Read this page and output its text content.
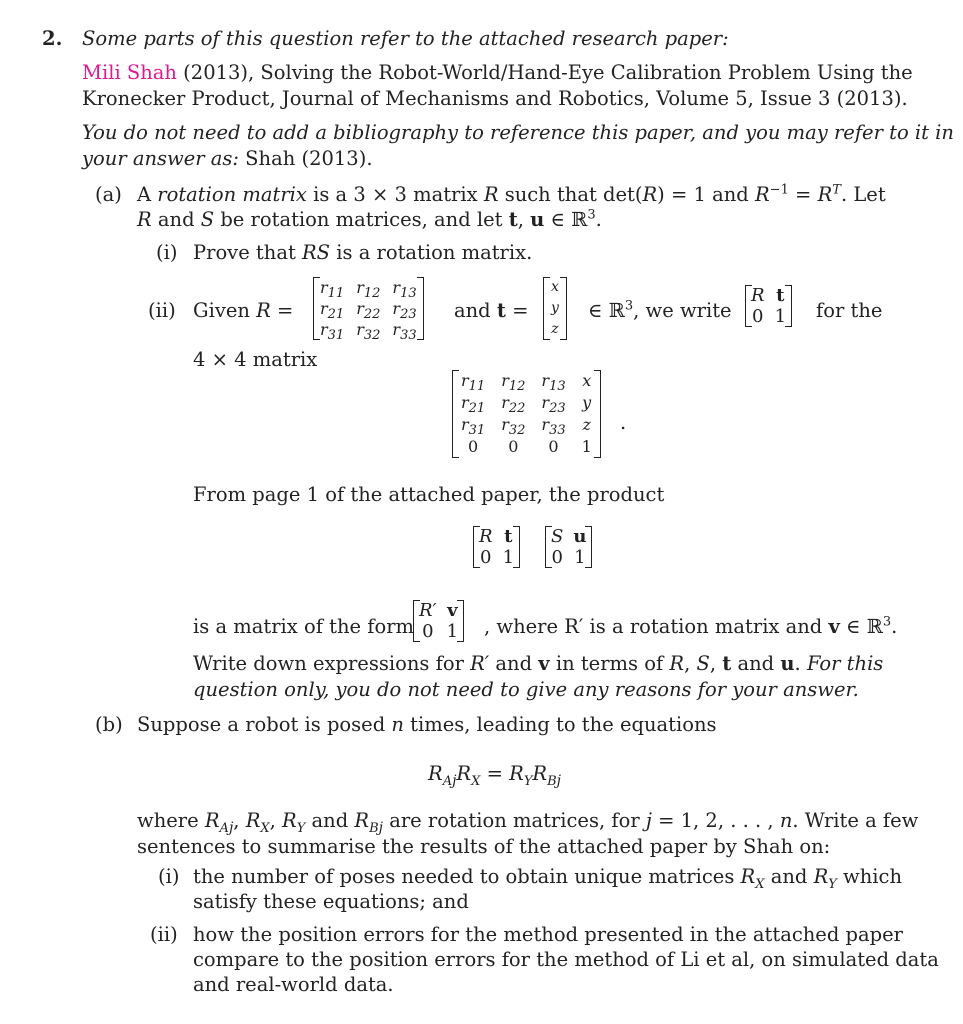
2. Some parts of this question refer to the attached research paper:
Mili Shah (2013), Solving the Robot-World/Hand-Eye Calibration Problem Using the
Kronecker Product, Journal of Mechanisms and Robotics, Volume 5, Issue 3 (2013).
You do not need to add a bibliography to reference this paper, and you may refer to it in
your answer as: Shah (2013).
(a) A rotation matrix is a 3 × 3 matrix R such that det(R) = 1 and $R^{-1} = R^T$. Let
R and S be rotation matrices, and let t, u ∈ ℝ$^3$.
(i) Prove that RS is a rotation matrix.
(ii) Given R =
$r_{11}$	$r_{12}$	$r_{13}$
$r_{21}$	$r_{22}$	$r_{23}$
$r_{31}$	$r_{32}$	$r_{33}$
and t =
x
y
z
∈ ℝ$^3$, we write
R	t
0	1 for the
4 × 4 matrix
$r_{11}$	$r_{12}$	$r_{13}$	x
$r_{21}$	$r_{22}$	$r_{23}$	y
$r_{31}$	$r_{32}$	$r_{33}$	z
0	0	0	1
.
From page 1 of the attached paper, the product
R	t
0	1
S	u
0	1
is a matrix of the form
R′	v
0	1 , where R′ is a rotation matrix and v ∈ ℝ$^3$.
Write down expressions for R′ and v in terms of R, S, t and u. For this
question only, you do not need to give any reasons for your answer.
(b) Suppose a robot is posed n times, leading to the equations
$R_{Aj}R_X = R_YR_{Bj}$
where $R_{Aj}$, $R_X$, $R_Y$ and $R_{Bj}$ are rotation matrices, for j = 1, 2, . . . , n. Write a few
sentences to summarise the results of the attached paper by Shah on:
(i) the number of poses needed to obtain unique matrices $R_X$ and $R_Y$ which
satisfy these equations; and
(ii) how the position errors for the method presented in the attached paper
compare to the position errors for the method of Li et al, on simulated data
and real-world data.
